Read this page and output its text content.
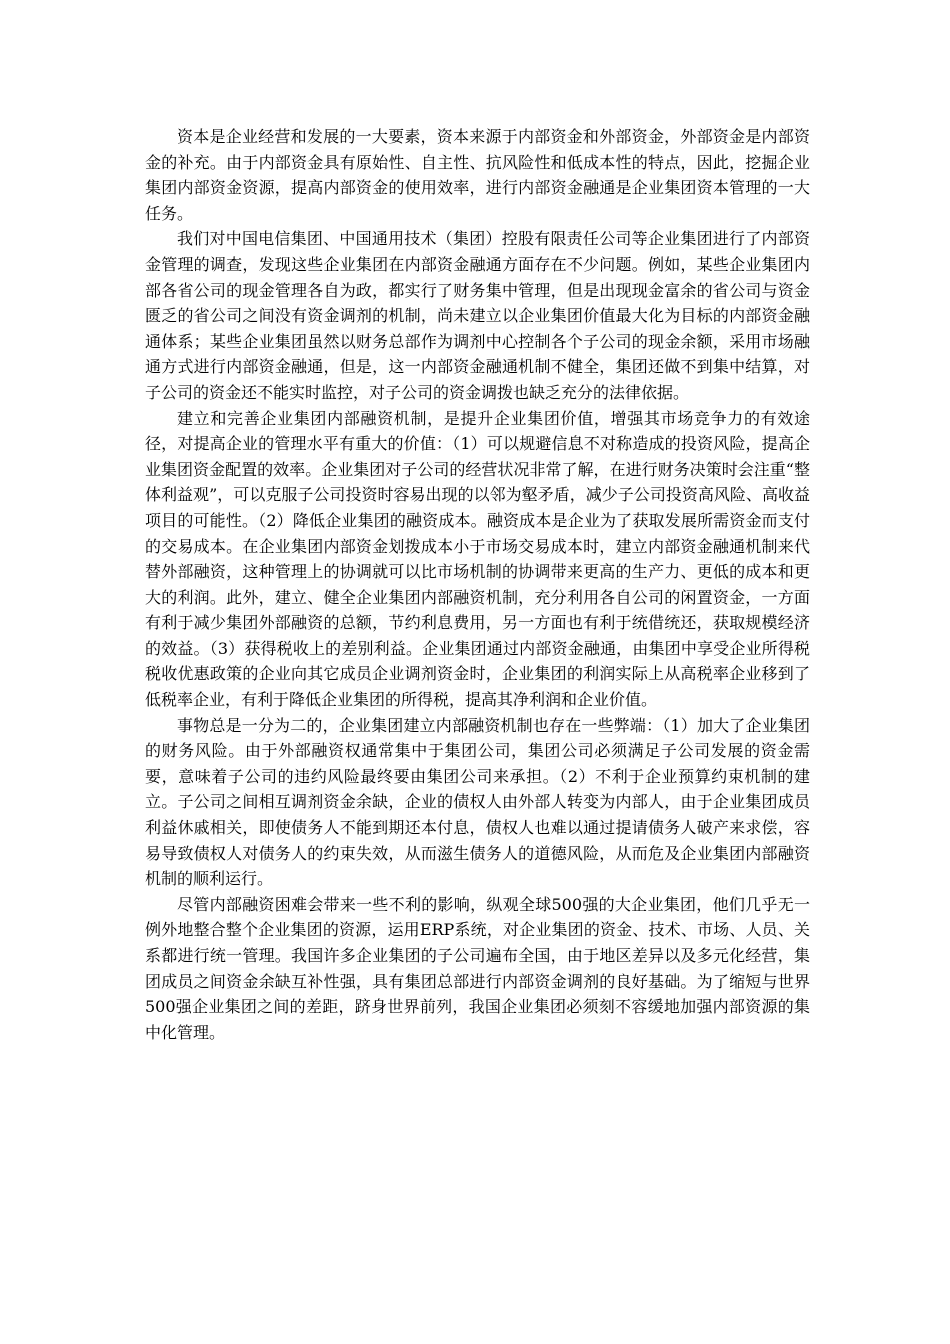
资本是企业经营和发展的一大要素，资本来源于内部资金和外部资金，外部资金是内部资金的补充。由于内部资金具有原始性、自主性、抗风险性和低成本性的特点，因此，挖掘企业集团内部资金资源，提高内部资金的使用效率，进行内部资金融通是企业集团资本管理的一大任务。

我们对中国电信集团、中国通用技术（集团）控股有限责任公司等企业集团进行了内部资金管理的调查，发现这些企业集团在内部资金融通方面存在不少问题。例如，某些企业集团内部各省公司的现金管理各自为政，都实行了财务集中管理，但是出现现金富余的省公司与资金匮乏的省公司之间没有资金调剂的机制，尚未建立以企业集团价值最大化为目标的内部资金融通体系；某些企业集团虽然以财务总部作为调剂中心控制各个子公司的现金余额，采用市场融通方式进行内部资金融通，但是，这一内部资金融通机制不健全，集团还做不到集中结算，对子公司的资金还不能实时监控，对子公司的资金调拨也缺乏充分的法律依据。

建立和完善企业集团内部融资机制，是提升企业集团价值，增强其市场竞争力的有效途径，对提高企业的管理水平有重大的价值：（1）可以规避信息不对称造成的投资风险，提高企业集团资金配置的效率。企业集团对子公司的经营状况非常了解，在进行财务决策时会注重“整体利益观”，可以克服子公司投资时容易出现的以邻为壑矛盾，减少子公司投资高风险、高收益项目的可能性。（2）降低企业集团的融资成本。融资成本是企业为了获取发展所需资金而支付的交易成本。在企业集团内部资金划拨成本小于市场交易成本时，建立内部资金融通机制来代替外部融资，这种管理上的协调就可以比市场机制的协调带来更高的生产力、更低的成本和更大的利润。此外，建立、健全企业集团内部融资机制，充分利用各自公司的闲置资金，一方面有利于减少集团外部融资的总额，节约利息费用，另一方面也有利于统借统还，获取规模经济的效益。（3）获得税收上的差别利益。企业集团通过内部资金融通，由集团中享受企业所得税税收优惠政策的企业向其它成员企业调剂资金时，企业集团的利润实际上从高税率企业移到了低税率企业，有利于降低企业集团的所得税，提高其净利润和企业价值。

事物总是一分为二的，企业集团建立内部融资机制也存在一些弊端：（1）加大了企业集团的财务风险。由于外部融资权通常集中于集团公司，集团公司必须满足子公司发展的资金需要，意味着子公司的违约风险最终要由集团公司来承担。（2）不利于企业预算约束机制的建立。子公司之间相互调剂资金余缺，企业的债权人由外部人转变为内部人，由于企业集团成员利益休戚相关，即使债务人不能到期还本付息，债权人也难以通过提请债务人破产来求偿，容易导致债权人对债务人的约束失效，从而滋生债务人的道德风险，从而危及企业集团内部融资机制的顺利运行。

尽管内部融资困难会带来一些不利的影响，纵观全球500强的大企业集团，他们几乎无一例外地整合整个企业集团的资源，运用ERP系统，对企业集团的资金、技术、市场、人员、关系都进行统一管理。我国许多企业集团的子公司遍布全国，由于地区差异以及多元化经营，集团成员之间资金余缺互补性强，具有集团总部进行内部资金调剂的良好基础。为了缩短与世界500强企业集团之间的差距，跻身世界前列，我国企业集团必须刻不容缓地加强内部资源的集中化管理。
